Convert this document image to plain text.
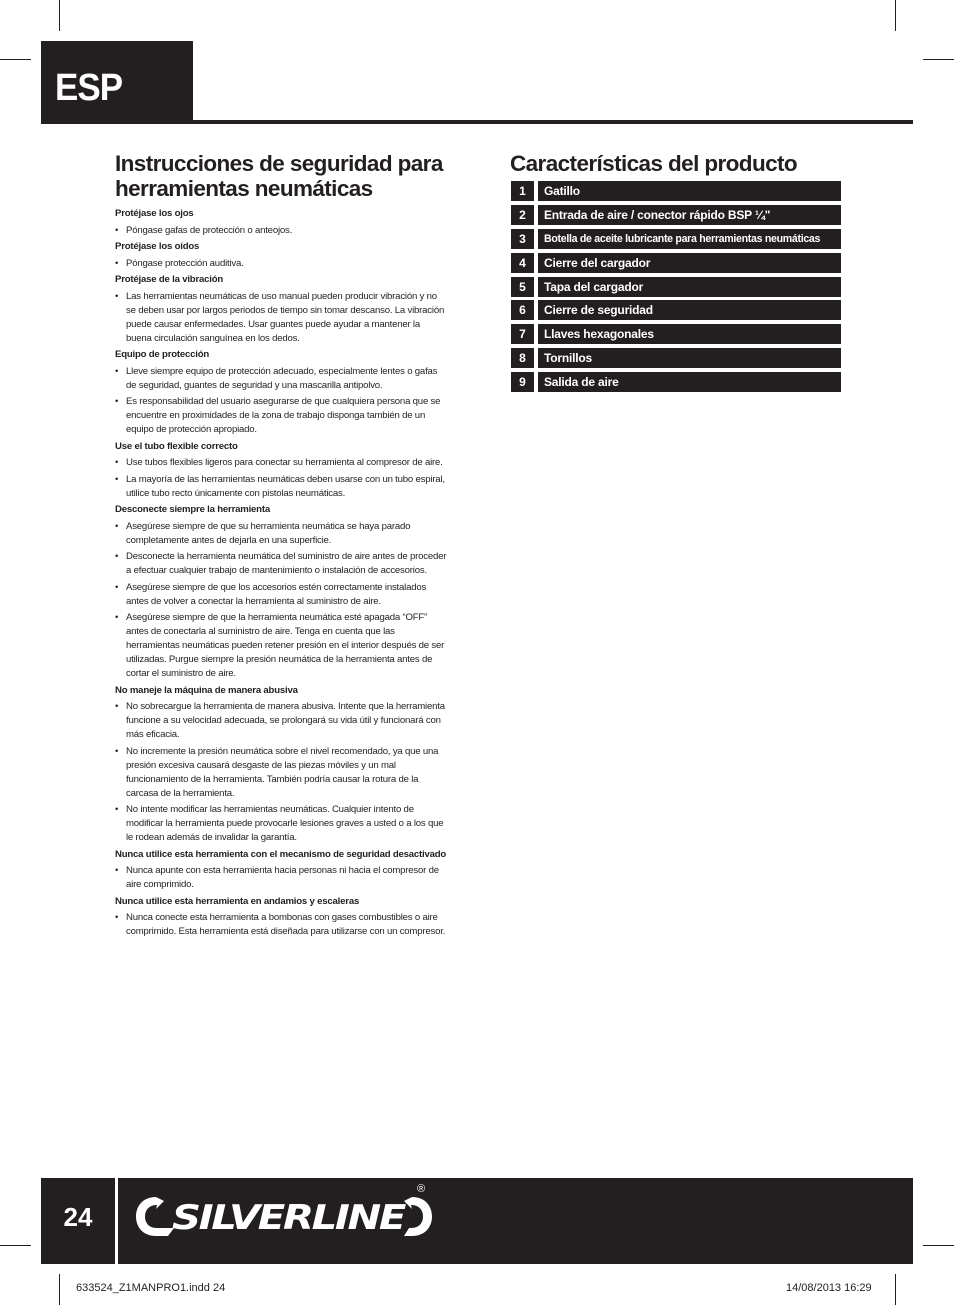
ESP
Instrucciones de seguridad para herramientas neumáticas
Protéjase los ojos
• Póngase gafas de protección o anteojos.
Protéjase los oídos
• Póngase protección auditiva.
Protéjase de la vibración
• Las herramientas neumáticas de uso manual pueden producir vibración y no se deben usar por largos periodos de tiempo sin tomar descanso. La vibración puede causar enfermedades. Usar guantes puede ayudar a mantener la buena circulación sanguínea en los dedos.
Equipo de protección
• Lleve siempre equipo de protección adecuado, especialmente lentes o gafas de seguridad, guantes de seguridad y una mascarilla antipolvo.
• Es responsabilidad del usuario asegurarse de que cualquiera persona que se encuentre en proximidades de la zona de trabajo disponga también de un equipo de protección apropiado.
Use el tubo flexible correcto
• Use tubos flexibles ligeros para conectar su herramienta al compresor de aire.
• La mayoría de las herramientas neumáticas deben usarse con un tubo espiral, utilice tubo recto únicamente con pistolas neumáticas.
Desconecte siempre la herramienta
• Asegúrese siempre de que su herramienta neumática se haya parado completamente antes de dejarla en una superficie.
• Desconecte la herramienta neumática del suministro de aire antes de proceder a efectuar cualquier trabajo de mantenimiento o instalación de accesorios.
• Asegúrese siempre de que los accesorios estén correctamente instalados antes de volver a conectar la herramienta al suministro de aire.
• Asegúrese siempre de que la herramienta neumática esté apagada “OFF” antes de conectarla al suministro de aire. Tenga en cuenta que las herramientas neumáticas pueden retener presión en el interior después de ser utilizadas. Purgue siempre la presión neumática de la herramienta antes de cortar el suministro de aire.
No maneje la máquina de manera abusiva
• No sobrecargue la herramienta de manera abusiva. Intente que la herramienta funcione a su velocidad adecuada, se prolongará su vida útil y funcionará con más eficacia.
• No incremente la presión neumática sobre el nivel recomendado, ya que una presión excesiva causará desgaste de las piezas móviles y un mal funcionamiento de la herramienta. También podría causar la rotura de la carcasa de la herramienta.
• No intente modificar las herramientas neumáticas. Cualquier intento de modificar la herramienta puede provocarle lesiones graves a usted o a los que le rodean además de invalidar la garantía.
Nunca utilice esta herramienta con el mecanismo de seguridad desactivado
• Nunca apunte con esta herramienta hacia personas ni hacia el compresor de aire comprimido.
Nunca utilice esta herramienta en andamios y escaleras
• Nunca conecte esta herramienta a bombonas con gases combustibles o aire comprimido. Esta herramienta está diseñada para utilizarse con un compresor.
Características del producto
1	Gatillo
2	Entrada de aire / conector rápido BSP ¼"
3	Botella de aceite lubricante para herramientas neumáticas
4	Cierre del cargador
5	Tapa del cargador
6	Cierre de seguridad
7	Llaves hexagonales
8	Tornillos
9	Salida de aire
24	SILVERLINE
®
633524_Z1MANPRO1.indd 24	14/08/2013 16:29
